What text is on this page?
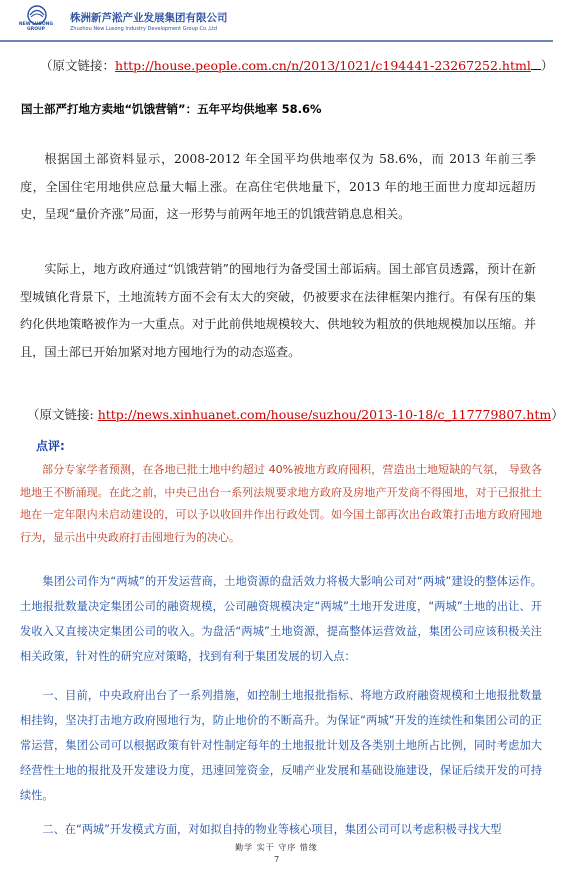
NEW LUSONG GROUP
株洲新芦淞产业发展集团有限公司
Zhuzhou New Lusong Industry Development Group Co.,Ltd
（原文链接：http://house.people.com.cn/n/2013/1021/c194441-23267252.html ）
国土部严打地方卖地“饥饿营销”：五年平均供地率 58.6%

根据国土部资料显示，2008-2012 年全国平均供地率仅为 58.6%，而 2013 年前三季度，全国住宅用地供应总量大幅上涨。在高住宅供地量下，2013 年的地王面世力度却远超历史，呈现“量价齐涨”局面，这一形势与前两年地王的饥饿营销息息相关。

实际上，地方政府通过“饥饿营销”的囤地行为备受国土部诟病。国土部官员透露，预计在新型城镇化背景下，土地流转方面不会有太大的突破，仍被要求在法律框架内推行。有保有压的集约化供地策略被作为一大重点。对于此前供地规模较大、供地较为粗放的供地规模加以压缩。并且，国土部已开始加紧对地方囤地行为的动态巡查。

（原文链接: http://news.xinhuanet.com/house/suzhou/2013-10-18/c_117779807.htm）
点评:

部分专家学者预测，在各地已批土地中约超过 40%被地方政府囤积，营造出土地短缺的气氛， 导致各地地王不断涌现。在此之前，中央已出台一系列法规要求地方政府及房地产开发商不得囤地，对于已报批土地在一定年限内未启动建设的，可以予以收回并作出行政处罚。如今国土部再次出台政策打击地方政府囤地行为，显示出中央政府打击囤地行为的决心。

集团公司作为“两城”的开发运营商，土地资源的盘活效力将极大影响公司对“两城”建设的整体运作。土地报批数量决定集团公司的融资规模，公司融资规模决定“两城”土地开发进度，“两城”土地的出让、开发收入又直接决定集团公司的收入。为盘活“两城”土地资源，提高整体运营效益，集团公司应该积极关注相关政策，针对性的研究应对策略，找到有利于集团发展的切入点：

一、目前，中央政府出台了一系列措施，如控制土地报批指标、将地方政府融资规模和土地报批数量相挂钩，坚决打击地方政府囤地行为，防止地价的不断高升。为保证“两城”开发的连续性和集团公司的正常运营，集团公司可以根据政策有针对性制定每年的土地报批计划及各类别土地所占比例，同时考虑加大经营性土地的报批及开发建设力度，迅速回笼资金，反哺产业发展和基础设施建设，保证后续开发的可持续性。

二、在“两城”开发模式方面，对如拟自持的物业等核心项目，集团公司可以考虑积极寻找大型

勤学 实干 守序 惜缘
7
